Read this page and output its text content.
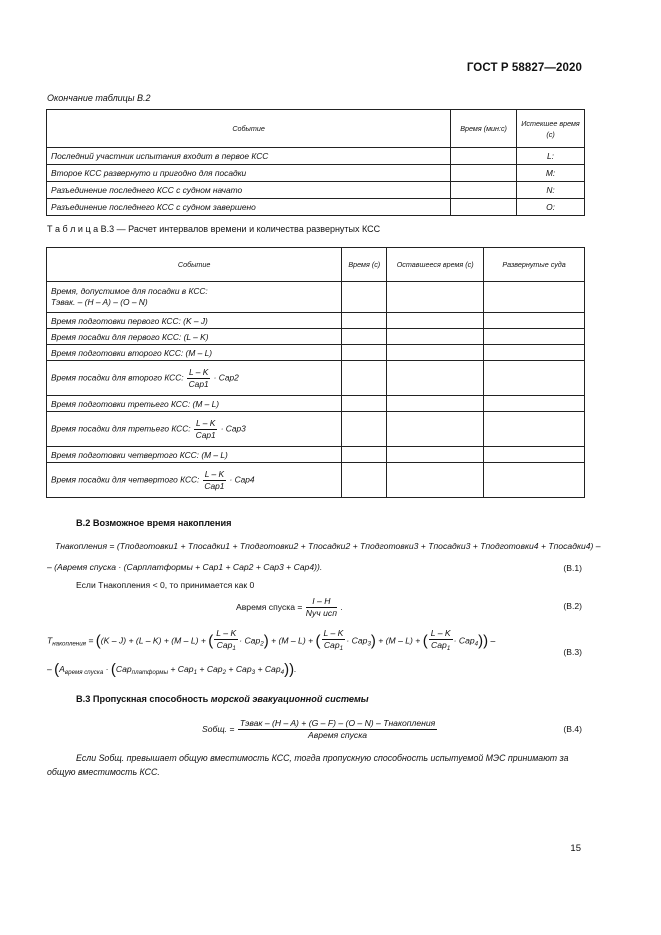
ГОСТ Р 58827—2020
Окончание таблицы В.2
Событие	Время (мин:с)	Истекшее время (с)
Последний участник испытания входит в первое КСС		L:
Второе КСС развернуто и пригодно для посадки		M:
Разъединение последнего КСС с судном начато		N:
Разъединение последнего КСС с судном завершено		O:
Т а б л и ц а В.3 — Расчет интервалов времени и количества развернутых КСС
Событие	Время (с)	Оставшееся время (с)	Развернутые суда

Время, допустимое для посадки в КСС:
Tэвак. – (H – A) – (O – N)			

Время подготовки первого КСС: (K – J)			
Время посадки для первого КСС: (L – K)			
Время подготовки второго КСС: (M – L)			
Время посадки для второго КСС: $\frac{L - K}{\text{Cap1}} \cdot Cap2$			
Время подготовки третьего КСС: (M – L)			
Время посадки для третьего КСС: $\frac{L - K}{\text{Cap1}} \cdot Cap3$			
Время подготовки четвертого КСС: (M – L)			
Время посадки для четвертого КСС: $\frac{L - K}{\text{Cap1}} \cdot Cap4$			
В.2 Возможное время накопления
Tнакопления = (Tподготовки1 + Tпосадки1 + Tподготовки2 + Tпосадки2 + Tподготовки3 + Tпосадки3 + Tподготовки4 + Tпосадки4) –
– (Aвремя спуска · (Capплатформы + Cap1 + Cap2 + Cap3 + Cap4)).	(В.1)
Если Tнакопления < 0, то принимается как 0
Aвремя спуска = $\frac{I - H}{\text{Nуч исп}}$ .	(В.2)
$T_{накопления} = ((K - J) + (L - K) + (M - L)$ + ( $\frac{L - K}{Cap_1} \cdot Cap_2) + (M - L)$ + ( $\frac{L - K}{Cap_1} \cdot Cap_3) + (M - L)$ + ( $\frac{L - K}{Cap_1} \cdot Cap_4$)) –
(В.3)
– $(A_{время спуска} \cdot (Cap_{платформы} + Cap_1 + Cap_2 + Cap_3 + Cap_4))$.
В.3 Пропускная способность морской эвакуационной системы
Sобщ. = $\frac{\text{Tэвак – (H – A) + (G – F) – (O – N) – Tнакопления}}{\text{Aвремя спуска}}$	(В.4)
Если Sобщ. превышает общую вместимость КСС, тогда пропускную способность испытуемой МЭС принимают за общую вместимость КСС.
15
